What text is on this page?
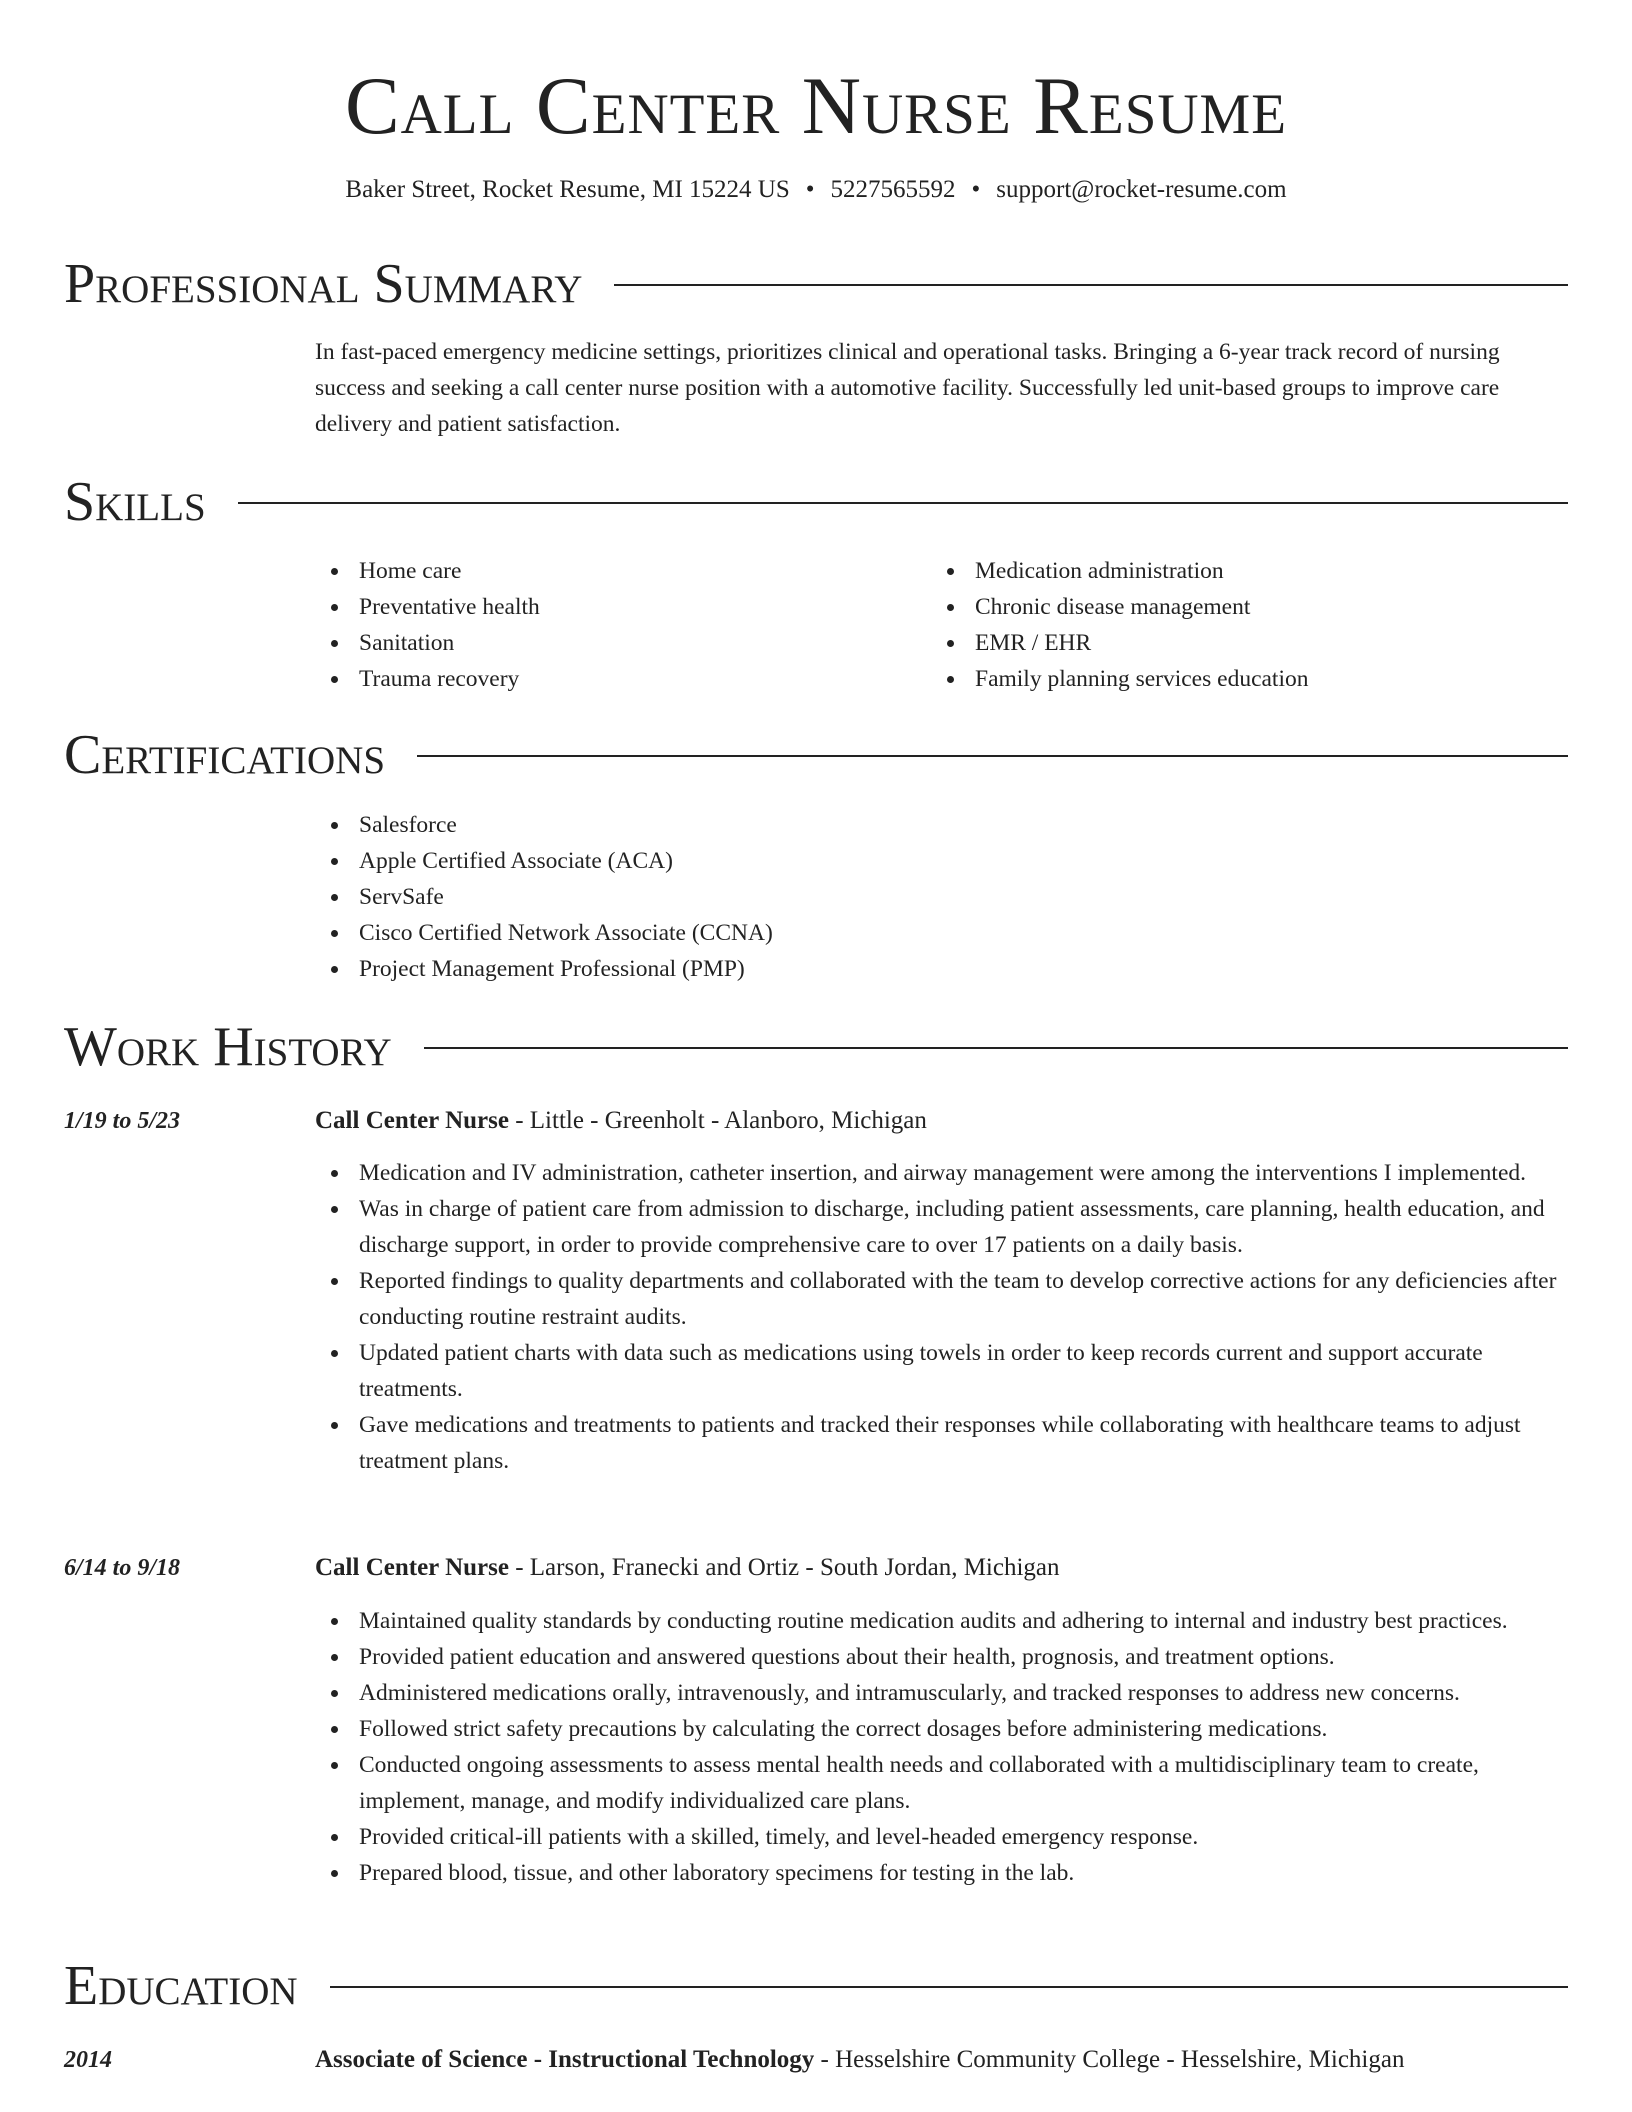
Call Center Nurse Resume
Baker Street, Rocket Resume, MI 15224 US • 5227565592 • support@rocket-resume.com
Professional Summary

In fast-paced emergency medicine settings, prioritizes clinical and operational tasks. Bringing a 6-year track record of nursing success and seeking a call center nurse position with a automotive facility. Successfully led unit-based groups to improve care delivery and patient satisfaction.

Skills
Home care
Preventative health
Sanitation
Trauma recovery
Medication administration
Chronic disease management
EMR / EHR
Family planning services education
Certifications
Salesforce
Apple Certified Associate (ACA)
ServSafe
Cisco Certified Network Associate (CCNA)
Project Management Professional (PMP)
Work History
1/19 to 5/23	Call Center Nurse - Little - Greenholt - Alanboro, Michigan
Medication and IV administration, catheter insertion, and airway management were among the interventions I implemented.
Was in charge of patient care from admission to discharge, including patient assessments, care planning, health education, and discharge support, in order to provide comprehensive care to over 17 patients on a daily basis.
Reported findings to quality departments and collaborated with the team to develop corrective actions for any deficiencies after conducting routine restraint audits.
Updated patient charts with data such as medications using towels in order to keep records current and support accurate treatments.
Gave medications and treatments to patients and tracked their responses while collaborating with healthcare teams to adjust treatment plans.
6/14 to 9/18	Call Center Nurse - Larson, Franecki and Ortiz - South Jordan, Michigan
Maintained quality standards by conducting routine medication audits and adhering to internal and industry best practices.
Provided patient education and answered questions about their health, prognosis, and treatment options.
Administered medications orally, intravenously, and intramuscularly, and tracked responses to address new concerns.
Followed strict safety precautions by calculating the correct dosages before administering medications.
Conducted ongoing assessments to assess mental health needs and collaborated with a multidisciplinary team to create, implement, manage, and modify individualized care plans.
Provided critical-ill patients with a skilled, timely, and level-headed emergency response.
Prepared blood, tissue, and other laboratory specimens for testing in the lab.
Education
2014	Associate of Science - Instructional Technology - Hesselshire Community College - Hesselshire, Michigan
